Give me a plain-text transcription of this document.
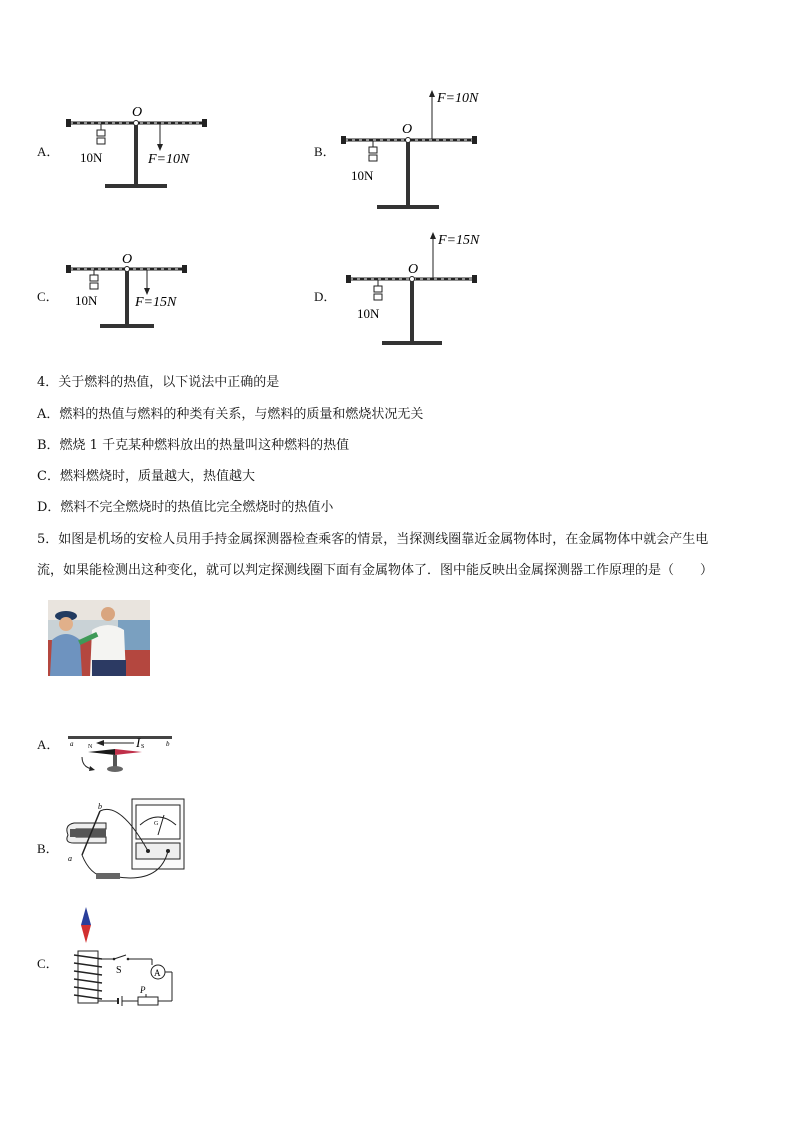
A．
O
10N	F=10N
B．
O
10N
F=10N
C．
O
10N	F=15N	D．
O
10N
F=15N
4．关于燃料的热值，以下说法中正确的是
A．燃料的热值与燃料的种类有关系，与燃料的质量和燃烧状况无关
B．燃烧 1 千克某种燃料放出的热量叫这种燃料的热值
C．燃料燃烧时，质量越大，热值越大
D．燃料不完全燃烧时的热值比完全燃烧时的热值小
5．如图是机场的安检人员用手持金属探测器检查乘客的情景，当探测线圈靠近金属物体时，在金属物体中就会产生电
流，如果能检测出这种变化，就可以判定探测线圈下面有金属物体了．图中能反映出金属探测器工作原理的是（　　）
A． a	b
N	S
I
B．
b
a
G
C．	S	A
P
